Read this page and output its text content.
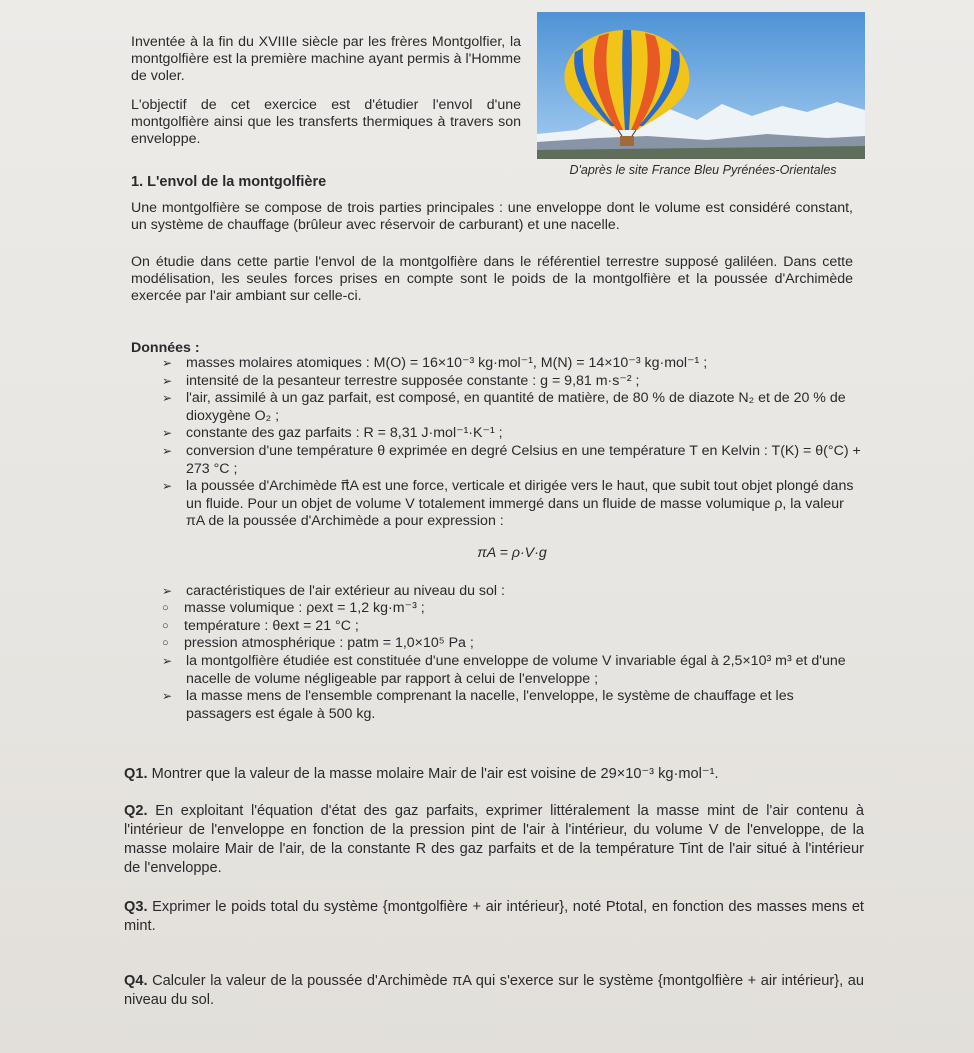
Inventée à la fin du XVIIIe siècle par les frères Montgolfier, la montgolfière est la première machine ayant permis à l'Homme de voler.

L'objectif de cet exercice est d'étudier l'envol d'une montgolfière ainsi que les transferts thermiques à travers son enveloppe.

D'après le site France Bleu Pyrénées-Orientales
1. L'envol de la montgolfière
Une montgolfière se compose de trois parties principales : une enveloppe dont le volume est considéré constant, un système de chauffage (brûleur avec réservoir de carburant) et une nacelle.
On étudie dans cette partie l'envol de la montgolfière dans le référentiel terrestre supposé galiléen. Dans cette modélisation, les seules forces prises en compte sont le poids de la montgolfière et la poussée d'Archimède exercée par l'air ambiant sur celle-ci.
Données :
➢ masses molaires atomiques : M(O) = 16×10⁻³ kg·mol⁻¹, M(N) = 14×10⁻³ kg·mol⁻¹ ;
➢ intensité de la pesanteur terrestre supposée constante : g = 9,81 m·s⁻² ;
➢ l'air, assimilé à un gaz parfait, est composé, en quantité de matière, de 80 % de diazote N₂ et de 20 % de dioxygène O₂ ;
➢ constante des gaz parfaits : R = 8,31 J·mol⁻¹·K⁻¹ ;
➢ conversion d'une température θ exprimée en degré Celsius en une température T en Kelvin : T(K) = θ(°C) + 273 °C ;
➢ la poussée d'Archimède π⃗A est une force, verticale et dirigée vers le haut, que subit tout objet plongé dans un fluide. Pour un objet de volume V totalement immergé dans un fluide de masse volumique ρ, la valeur πA de la poussée d'Archimède a pour expression :
πA = ρ·V·g
➢ caractéristiques de l'air extérieur au niveau du sol :
○ masse volumique : ρext = 1,2 kg·m⁻³ ;
○ température : θext = 21 °C ;
○ pression atmosphérique : patm = 1,0×10⁵ Pa ;
➢ la montgolfière étudiée est constituée d'une enveloppe de volume V invariable égal à 2,5×10³ m³ et d'une nacelle de volume négligeable par rapport à celui de l'enveloppe ;
➢ la masse mens de l'ensemble comprenant la nacelle, l'enveloppe, le système de chauffage et les passagers est égale à 500 kg.
Q1. Montrer que la valeur de la masse molaire Mair de l'air est voisine de 29×10⁻³ kg·mol⁻¹.
Q2. En exploitant l'équation d'état des gaz parfaits, exprimer littéralement la masse mint de l'air contenu à l'intérieur de l'enveloppe en fonction de la pression pint de l'air à l'intérieur, du volume V de l'enveloppe, de la masse molaire Mair de l'air, de la constante R des gaz parfaits et de la température Tint de l'air situé à l'intérieur de l'enveloppe.
Q3. Exprimer le poids total du système {montgolfière + air intérieur}, noté Ptotal, en fonction des masses mens et mint.
Q4. Calculer la valeur de la poussée d'Archimède πA qui s'exerce sur le système {montgolfière + air intérieur}, au niveau du sol.
